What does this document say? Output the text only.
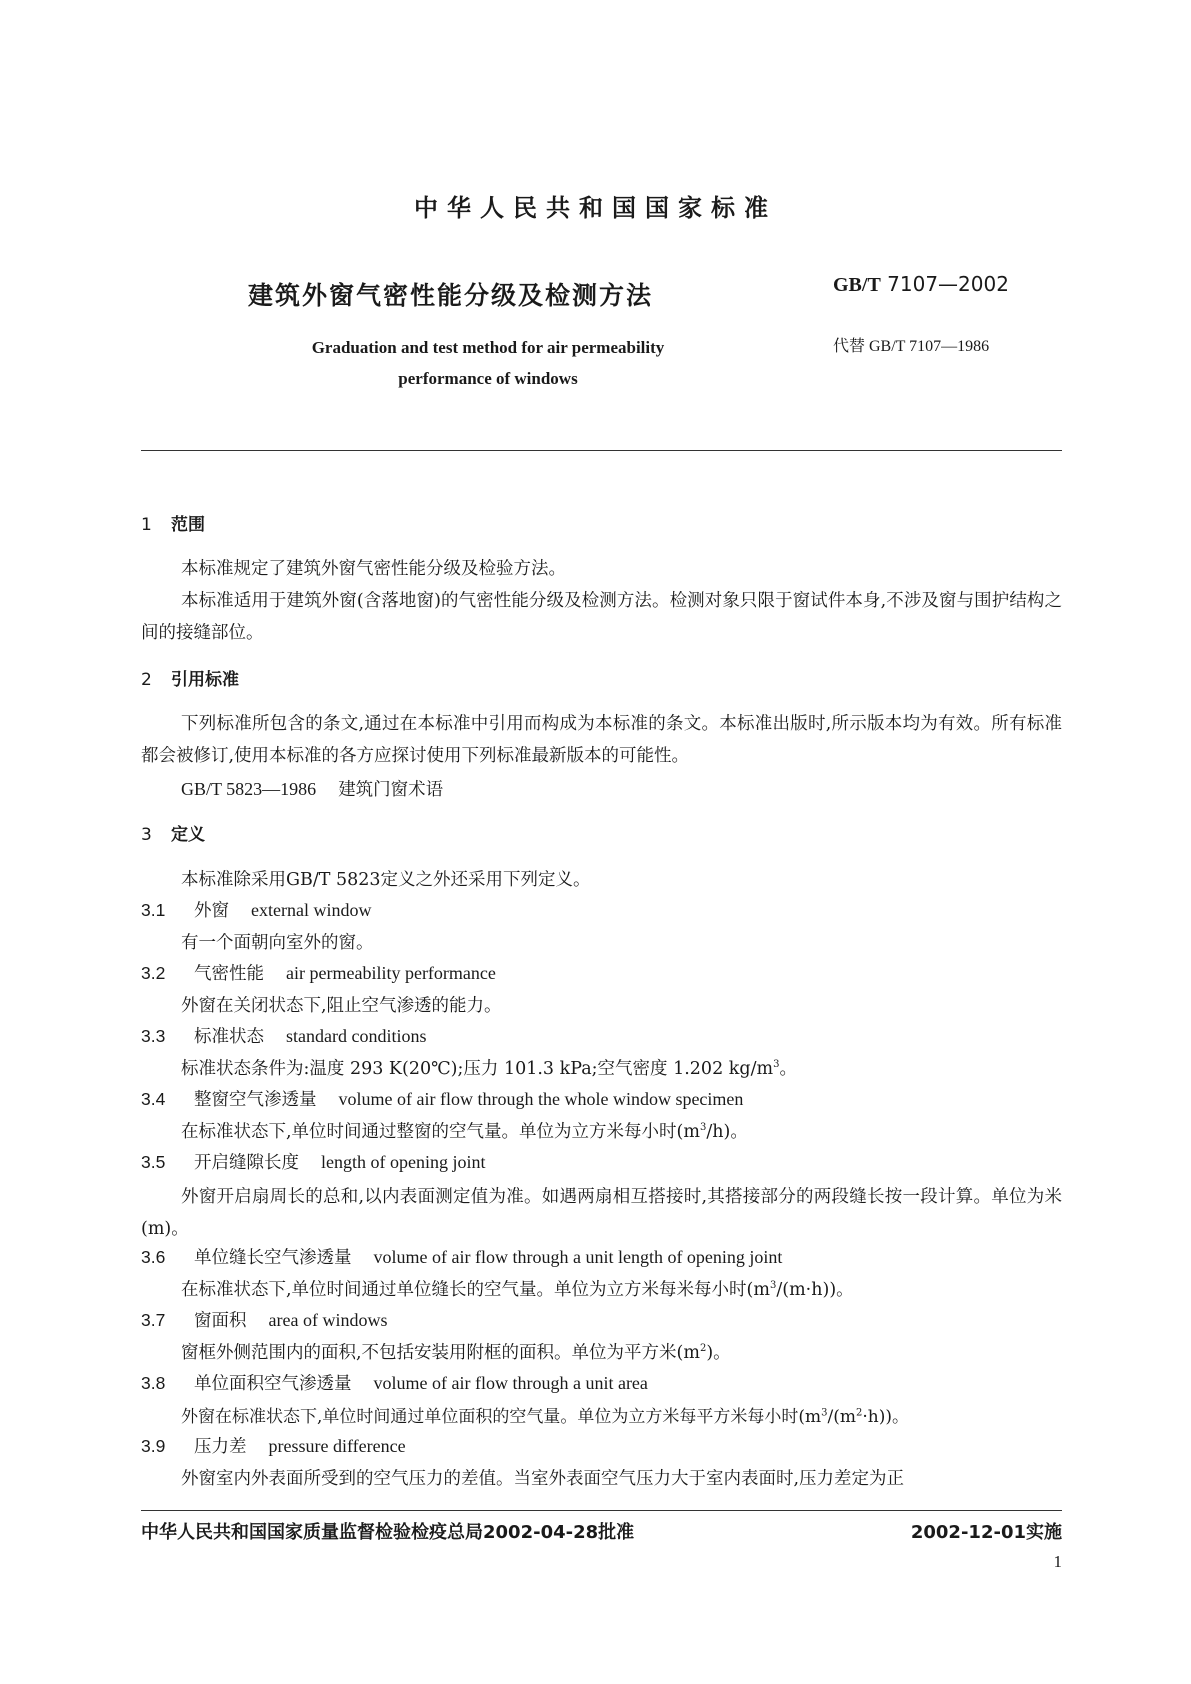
中华人民共和国国家标准
建筑外窗气密性能分级及检测方法	GB/T 7107—2002
Graduation and test method for air permeability
performance of windows
代替 GB/T 7107—1986
1 范围
本标准规定了建筑外窗气密性能分级及检验方法。
本标准适用于建筑外窗(含落地窗)的气密性能分级及检测方法。检测对象只限于窗试件本身,不涉及窗与围护结构之间的接缝部位。
2 引用标准
下列标准所包含的条文,通过在本标准中引用而构成为本标准的条文。本标准出版时,所示版本均为有效。所有标准都会被修订,使用本标准的各方应探讨使用下列标准最新版本的可能性。
GB/T 5823—1986 建筑门窗术语
3 定义
本标准除采用GB/T 5823定义之外还采用下列定义。
3.1 外窗 external window
有一个面朝向室外的窗。
3.2 气密性能 air permeability performance
外窗在关闭状态下,阻止空气渗透的能力。
3.3 标准状态 standard conditions
标准状态条件为:温度 293 K(20℃);压力 101.3 kPa;空气密度 1.202 $kg/m^3$。
3.4 整窗空气渗透量 volume of air flow through the whole window specimen
在标准状态下,单位时间通过整窗的空气量。单位为立方米每小时$(m^3/h)$。
3.5 开启缝隙长度 length of opening joint
外窗开启扇周长的总和,以内表面测定值为准。如遇两扇相互搭接时,其搭接部分的两段缝长按一段计算。单位为米(m)。
3.6 单位缝长空气渗透量 volume of air flow through a unit length of opening joint
在标准状态下,单位时间通过单位缝长的空气量。单位为立方米每米每小时$(m^3/(m\cdot h))$。
3.7 窗面积 area of windows
窗框外侧范围内的面积,不包括安装用附框的面积。单位为平方米$(m^2)$。
3.8 单位面积空气渗透量 volume of air flow through a unit area
外窗在标准状态下,单位时间通过单位面积的空气量。单位为立方米每平方米每小时$(m^3/(m^2\cdot h))$。
3.9 压力差 pressure difference
外窗室内外表面所受到的空气压力的差值。当室外表面空气压力大于室内表面时,压力差定为正
中华人民共和国国家质量监督检验检疫总局2002-04-28批准	2002-12-01实施
1
